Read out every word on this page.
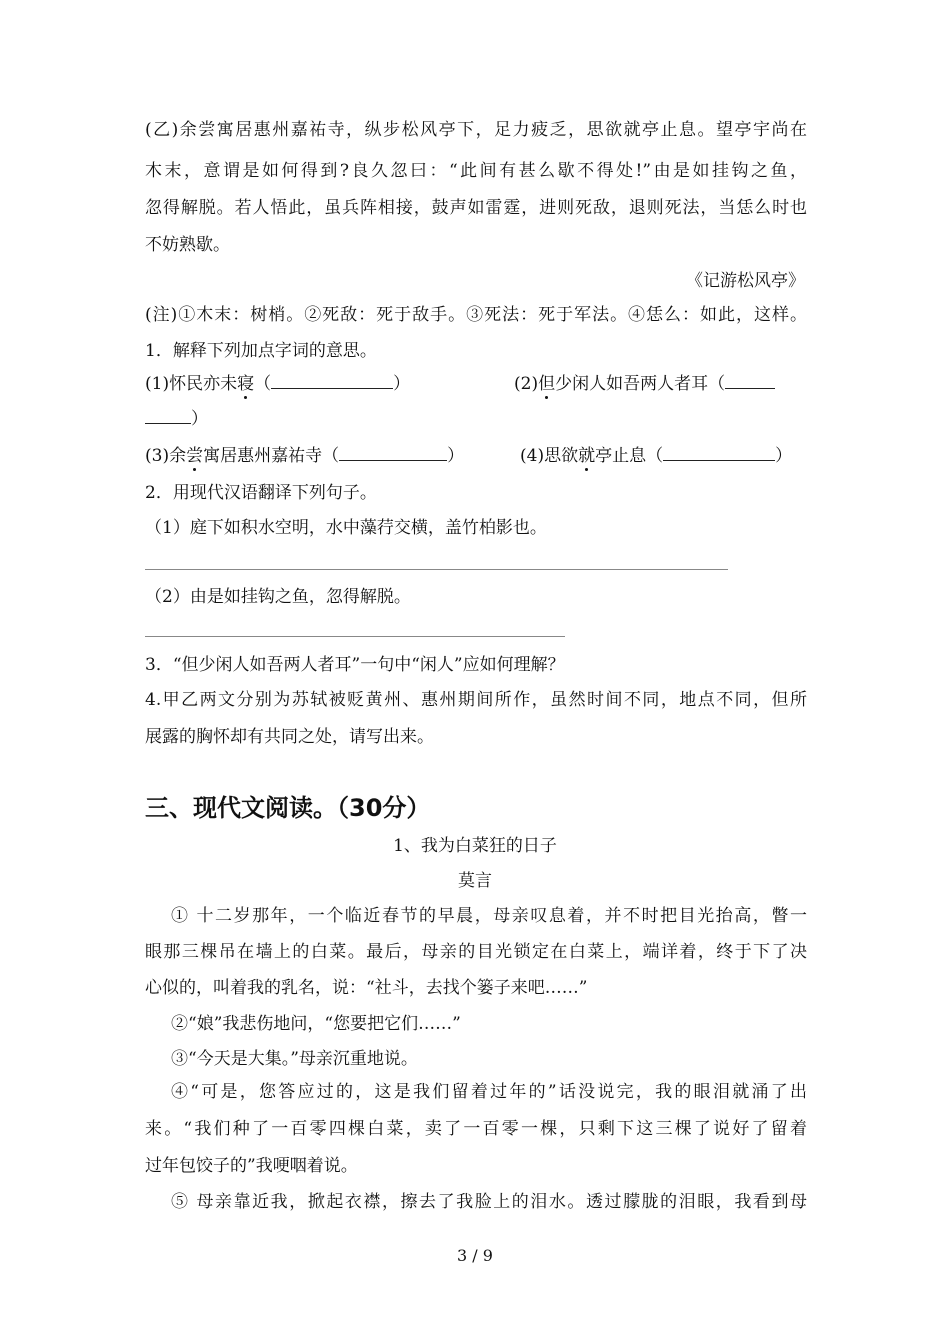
(乙)余尝寓居惠州嘉祐寺，纵步松风亭下，足力疲乏，思欲就亭止息。望亭宇尚在
木末，意谓是如何得到?良久忽曰：“此间有甚么歇不得处!”由是如挂钩之鱼，
忽得解脱。若人悟此，虽兵阵相接，鼓声如雷霆，进则死敌，退则死法，当恁么时也
不妨熟歇。
《记游松风亭》
(注)①木末：树梢。②死敌：死于敌手。③死法：死于军法。④恁么：如此，这样。
1．解释下列加点字词的意思。
(1)怀民亦未寝（	）	(2)但少闲人如吾两人者耳（
）
(3)余尝寓居惠州嘉祐寺（	）	(4)思欲就亭止息（	）
2．用现代汉语翻译下列句子。
（1）庭下如积水空明，水中藻荇交横，盖竹柏影也。
（2）由是如挂钩之鱼，忽得解脱。
3．“但少闲人如吾两人者耳”一句中“闲人”应如何理解？
4.甲乙两文分别为苏轼被贬黄州、惠州期间所作，虽然时间不同，地点不同，但所
展露的胸怀却有共同之处，请写出来。
三、现代文阅读。（30分）
1、我为白菜狂的日子
莫言
① 十二岁那年，一个临近春节的早晨，母亲叹息着，并不时把目光抬高，瞥一
眼那三棵吊在墙上的白菜。最后，母亲的目光锁定在白菜上，端详着，终于下了决
心似的，叫着我的乳名，说：“社斗，去找个篓子来吧……”
②“娘”我悲伤地问，“您要把它们……”
③“今天是大集。”母亲沉重地说。
④“可是，您答应过的，这是我们留着过年的”话没说完，我的眼泪就涌了出
来。“我们种了一百零四棵白菜，卖了一百零一棵，只剩下这三棵了说好了留着
过年包饺子的”我哽咽着说。
⑤ 母亲靠近我，掀起衣襟，擦去了我脸上的泪水。透过朦胧的泪眼，我看到母
3 / 9
